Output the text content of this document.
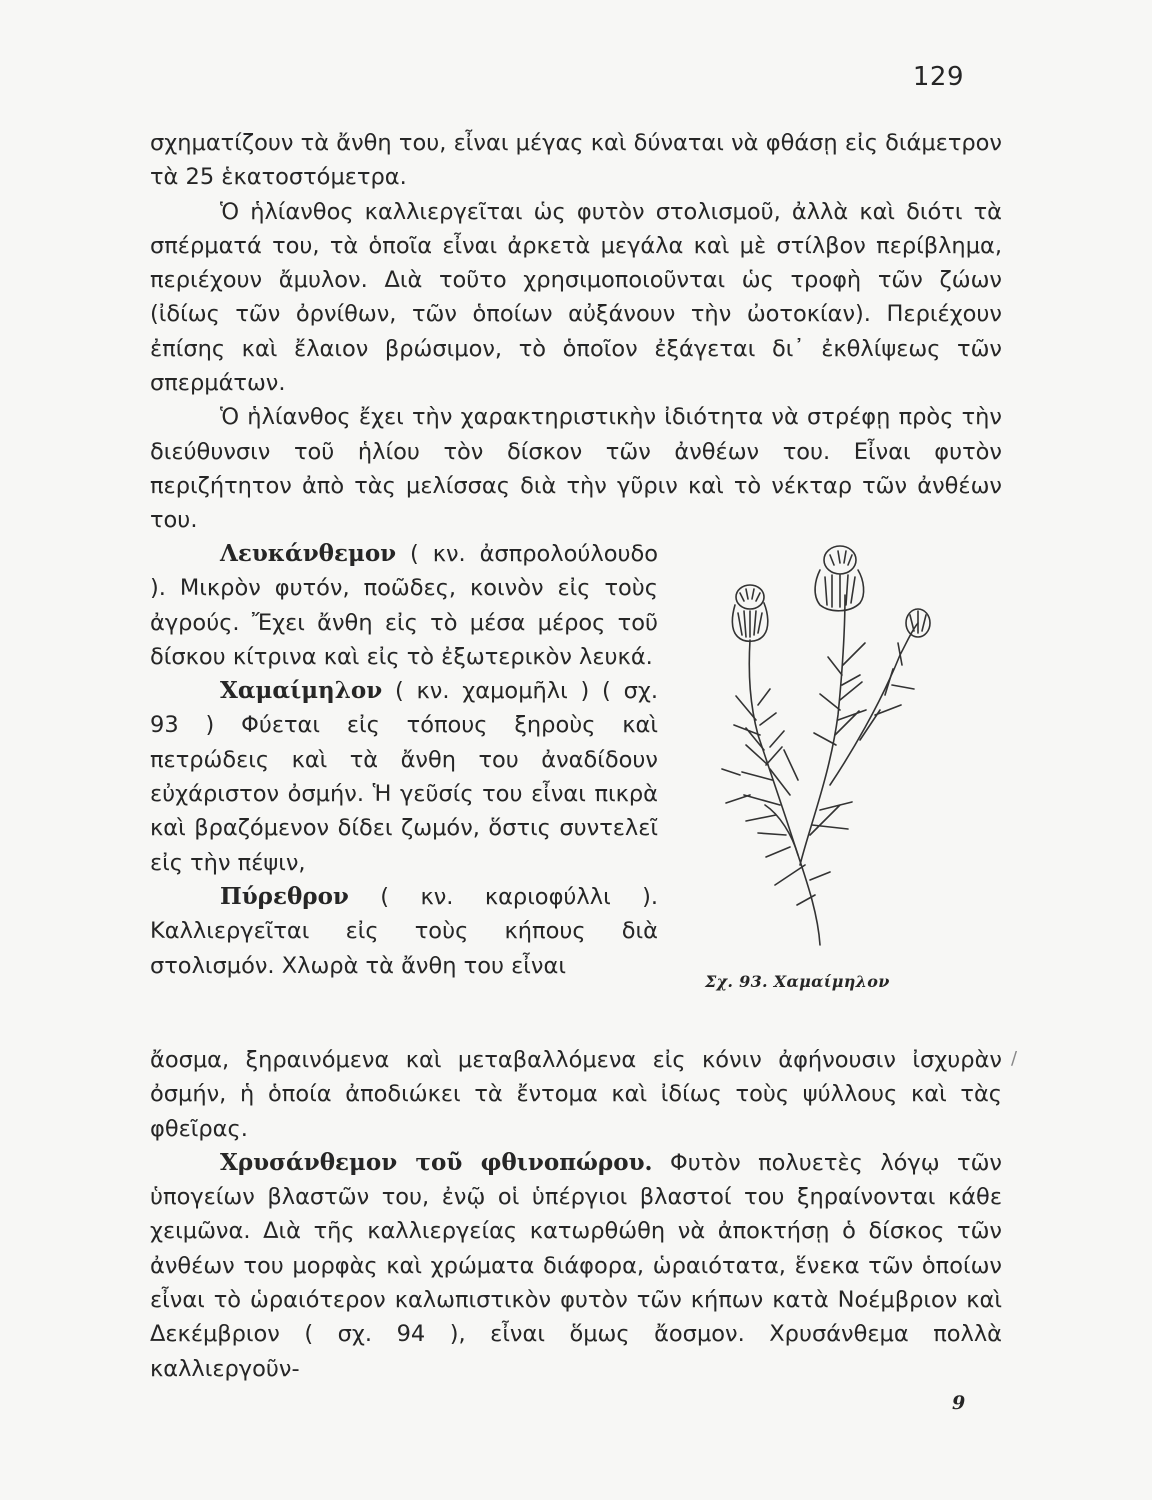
129

σχηματίζουν τὰ ἄνθη του, εἶναι μέγας καὶ δύναται νὰ φθάσῃ εἰς διάμετρον τὰ 25 ἑκατοστόμετρα.

Ὁ ἡλίανθος καλλιεργεῖται ὡς φυτὸν στολισμοῦ, ἀλλὰ καὶ διότι τὰ σπέρματά του, τὰ ὁποῖα εἶναι ἀρκετὰ μεγάλα καὶ μὲ στίλβον περίβλημα, περιέχουν ἄμυλον. Διὰ τοῦτο χρησιμοποιοῦνται ὡς τροφὴ τῶν ζώων (ἰδίως τῶν ὀρνίθων, τῶν ὁποίων αὐξάνουν τὴν ὠοτοκίαν). Περιέχουν ἐπίσης καὶ ἔλαιον βρώσιμον, τὸ ὁποῖον ἐξάγεται δι᾽ ἐκθλίψεως τῶν σπερμάτων.

Ὁ ἡλίανθος ἔχει τὴν χαρακτηριστικὴν ἰδιότητα νὰ στρέφῃ πρὸς τὴν διεύθυνσιν τοῦ ἡλίου τὸν δίσκον τῶν ἀνθέων του. Εἶναι φυτὸν περιζήτητον ἀπὸ τὰς μελίσσας διὰ τὴν γῦριν καὶ τὸ νέκταρ τῶν ἀνθέων του.

Λευκάνθεμον ( κν. ἀσπρολούλουδο ). Μικρὸν φυτόν, ποῶδες, κοινὸν εἰς τοὺς ἀγρούς. Ἔχει ἄνθη εἰς τὸ μέσα μέρος τοῦ δίσκου κίτρινα καὶ εἰς τὸ ἐξωτερικὸν λευκά.

Χαμαίμηλον ( κν. χαμομῆλι ) ( σχ. 93 ) Φύεται εἰς τόπους ξηροὺς καὶ πετρώδεις καὶ τὰ ἄνθη του ἀναδίδουν εὐχάριστον ὀσμήν. Ἡ γεῦσίς του εἶναι πικρὰ καὶ βραζόμενον δίδει ζωμόν, ὅστις συντελεῖ εἰς τὴν πέψιν,

Πύρεθρον ( κν. καριοφύλλι ). Καλλιεργεῖται εἰς τοὺς κήπους διὰ στολισμόν. Χλωρὰ τὰ ἄνθη του εἶναι

ἄοσμα, ξηραινόμενα καὶ μεταβαλλόμενα εἰς κόνιν ἀφήνουσιν ἰσχυρὰν ὀσμήν, ἡ ὁποία ἀποδιώκει τὰ ἔντομα καὶ ἰδίως τοὺς ψύλλους καὶ τὰς φθεῖρας.

Χρυσάνθεμον τοῦ φθινοπώρου. Φυτὸν πολυετὲς λόγῳ τῶν ὑπογείων βλαστῶν του, ἐνῷ οἱ ὑπέργιοι βλαστοί του ξηραίνονται κάθε χειμῶνα. Διὰ τῆς καλλιεργείας κατωρθώθη νὰ ἀποκτήσῃ ὁ δίσκος τῶν ἀνθέων του μορφὰς καὶ χρώματα διάφορα, ὡραιότατα, ἕνεκα τῶν ὁποίων εἶναι τὸ ὡραιότερον καλωπιστικὸν φυτὸν τῶν κήπων κατὰ Νοέμβριον καὶ Δεκέμβριον ( σχ. 94 ), εἶναι ὅμως ἄοσμον. Χρυσάνθεμα πολλὰ καλλιεργοῦν-

/
Σχ. 93. Χαμαίμηλον
9
